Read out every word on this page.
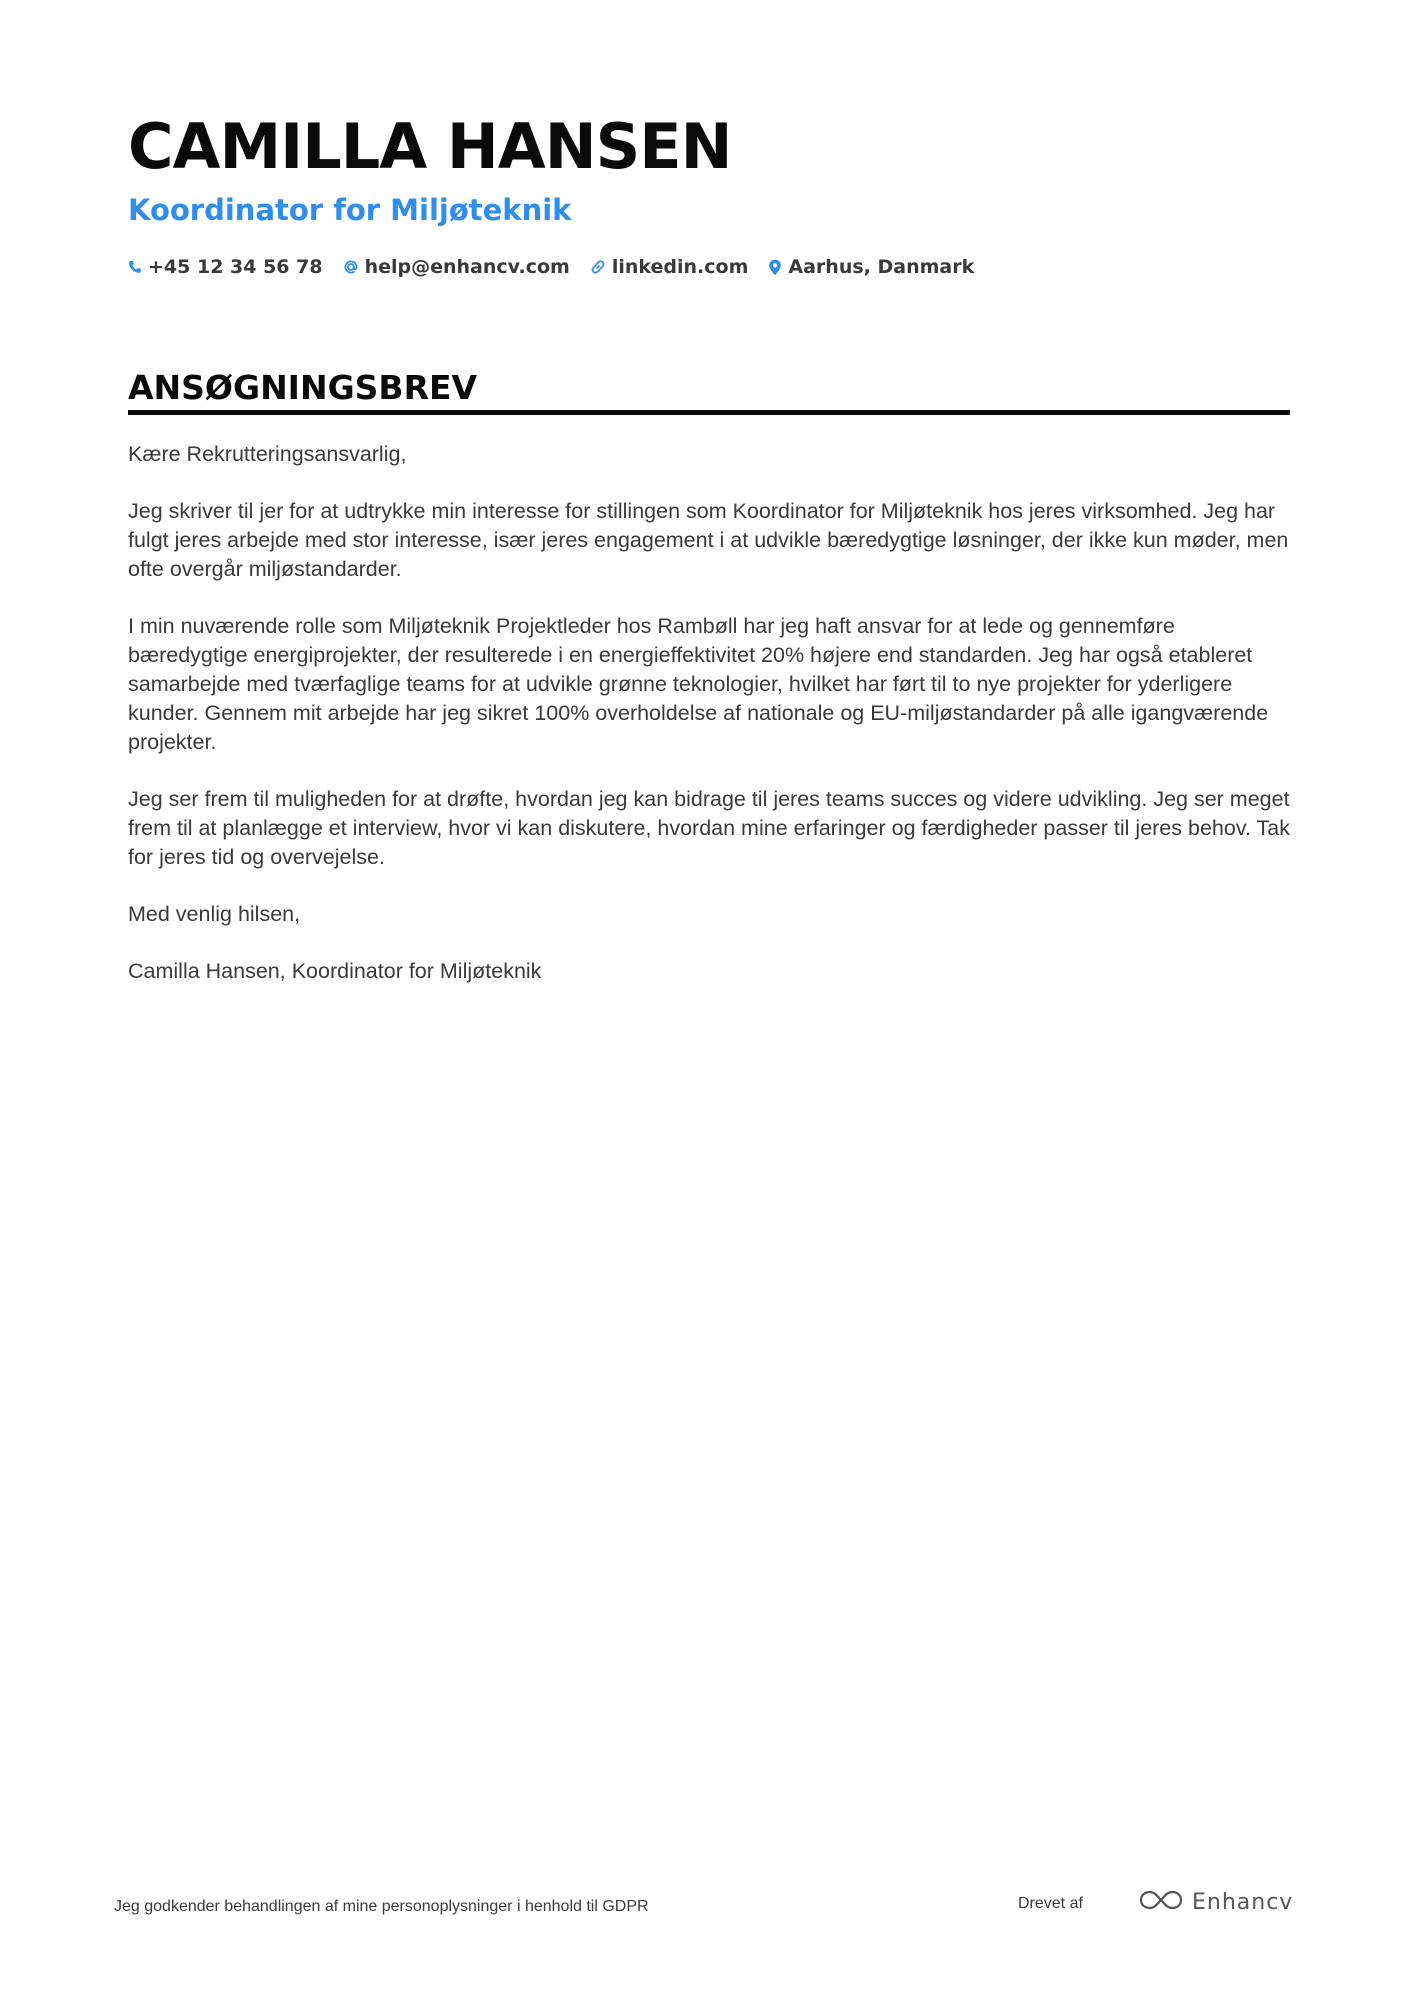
CAMILLA HANSEN
Koordinator for Miljøteknik
+45 12 34 56 78 help@enhancv.com linkedin.com Aarhus, Danmark
ANSØGNINGSBREV

Kære Rekrutteringsansvarlig,

Jeg skriver til jer for at udtrykke min interesse for stillingen som Koordinator for Miljøteknik hos jeres virksomhed. Jeg har fulgt jeres arbejde med stor interesse, især jeres engagement i at udvikle bæredygtige løsninger, der ikke kun møder, men ofte overgår miljøstandarder.

I min nuværende rolle som Miljøteknik Projektleder hos Rambøll har jeg haft ansvar for at lede og gennemføre bæredygtige energiprojekter, der resulterede i en energieffektivitet 20% højere end standarden. Jeg har også etableret samarbejde med tværfaglige teams for at udvikle grønne teknologier, hvilket har ført til to nye projekter for yderligere kunder. Gennem mit arbejde har jeg sikret 100% overholdelse af nationale og EU-miljøstandarder på alle igangværende projekter.

Jeg ser frem til muligheden for at drøfte, hvordan jeg kan bidrage til jeres teams succes og videre udvikling. Jeg ser meget frem til at planlægge et interview, hvor vi kan diskutere, hvordan mine erfaringer og færdigheder passer til jeres behov. Tak for jeres tid og overvejelse.

Med venlig hilsen,

Camilla Hansen, Koordinator for Miljøteknik

Jeg godkender behandlingen af mine personoplysninger i henhold til GDPR	Drevet af	Enhancv
